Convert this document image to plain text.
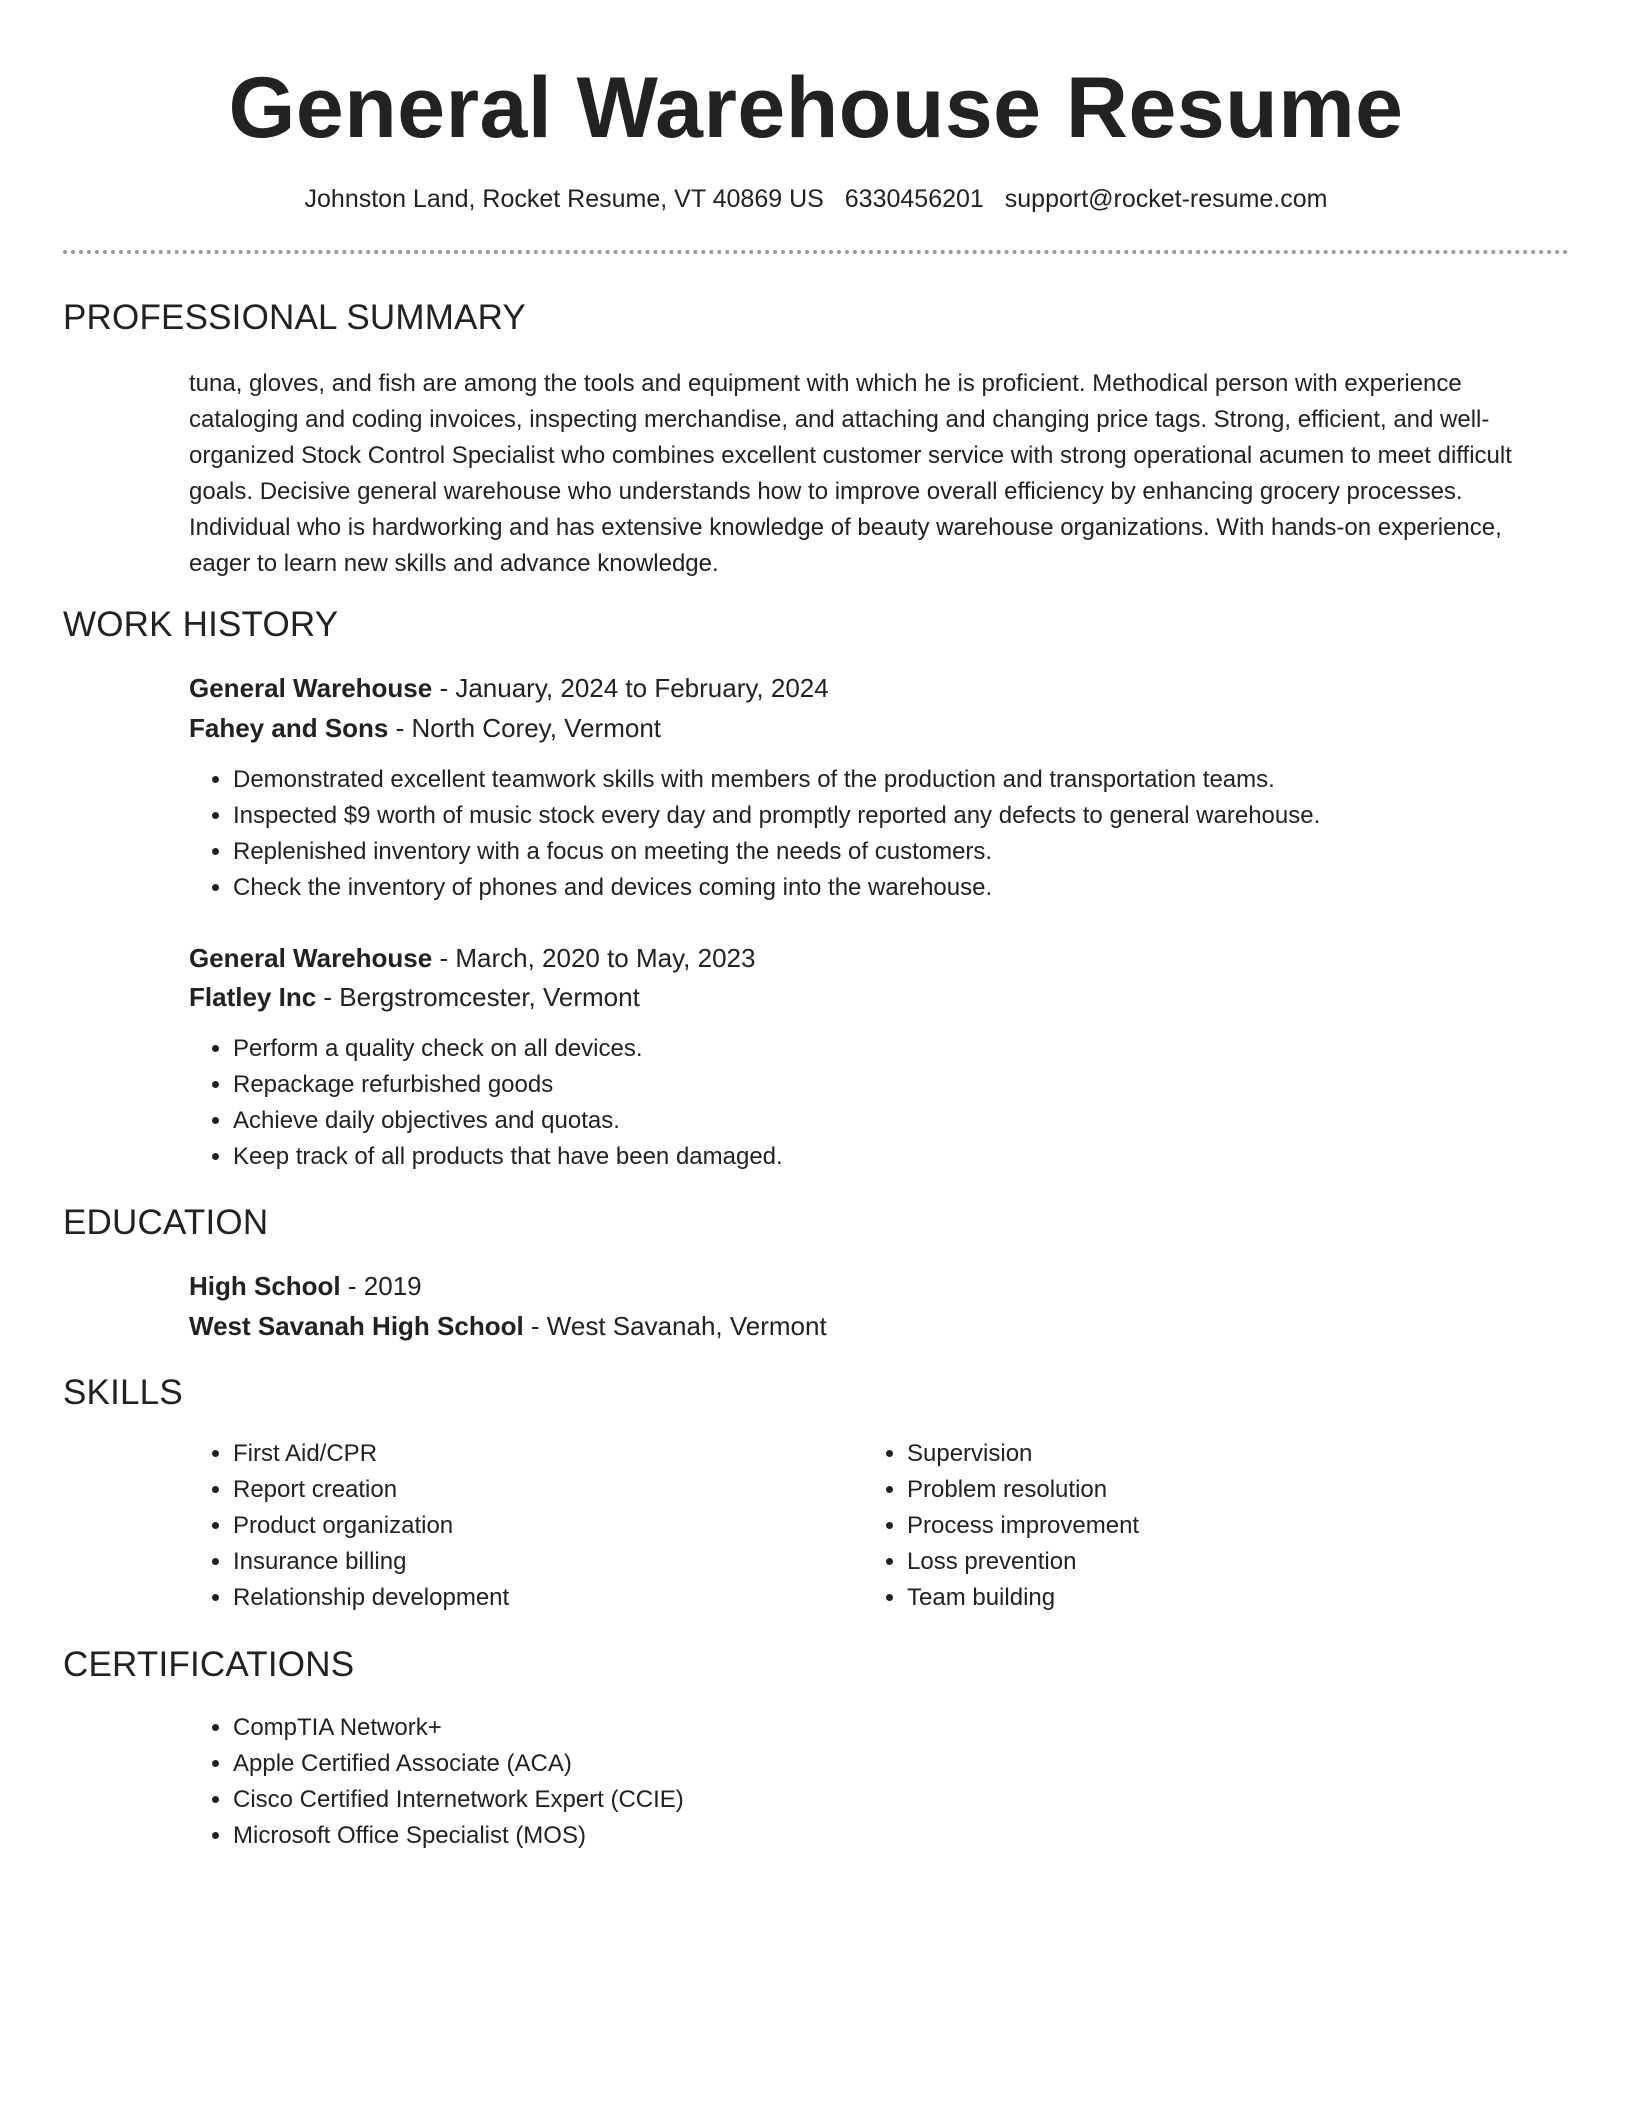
General Warehouse Resume
Johnston Land, Rocket Resume, VT 40869 US 6330456201 support@rocket-resume.com
PROFESSIONAL SUMMARY

tuna, gloves, and fish are among the tools and equipment with which he is proficient. Methodical person with experience cataloging and coding invoices, inspecting merchandise, and attaching and changing price tags. Strong, efficient, and well-organized Stock Control Specialist who combines excellent customer service with strong operational acumen to meet difficult goals. Decisive general warehouse who understands how to improve overall efficiency by enhancing grocery processes. Individual who is hardworking and has extensive knowledge of beauty warehouse organizations. With hands-on experience, eager to learn new skills and advance knowledge.

WORK HISTORY
General Warehouse - January, 2024 to February, 2024
Fahey and Sons - North Corey, Vermont
• Demonstrated excellent teamwork skills with members of the production and transportation teams.
• Inspected $9 worth of music stock every day and promptly reported any defects to general warehouse.
• Replenished inventory with a focus on meeting the needs of customers.
• Check the inventory of phones and devices coming into the warehouse.
General Warehouse - March, 2020 to May, 2023
Flatley Inc - Bergstromcester, Vermont
• Perform a quality check on all devices.
• Repackage refurbished goods
• Achieve daily objectives and quotas.
• Keep track of all products that have been damaged.
EDUCATION
High School - 2019
West Savanah High School - West Savanah, Vermont
SKILLS
• First Aid/CPR
• Report creation
• Product organization
• Insurance billing
• Relationship development
• Supervision
• Problem resolution
• Process improvement
• Loss prevention
• Team building
CERTIFICATIONS
• CompTIA Network+
• Apple Certified Associate (ACA)
• Cisco Certified Internetwork Expert (CCIE)
• Microsoft Office Specialist (MOS)
